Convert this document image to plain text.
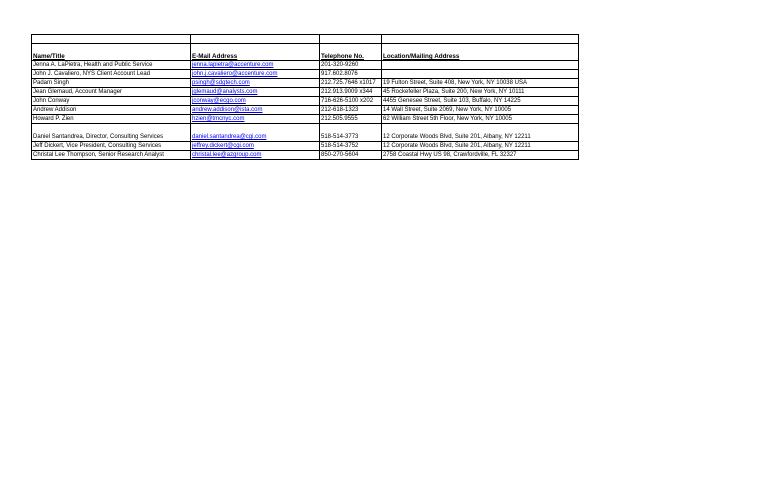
Name/Title	E-Mail Address	Telephone No.	Location/Mailing Address
Jenna A. LaPietra, Health and Public Service	jenna.lapietra@accenture.com	201-320-9260	
John J. Cavaliero, NYS Client Account Lead	john.j.cavaliero@accenture.com	917.602.8076	
Padam Singh	psingh@sdgtech.com	212.725.7646 x1017	19 Fulton Street, Suite 408, New York, NY 10038 USA
Jean Glemaud, Account Manager	jglemaud@analysts.com	212.913.9009 x344	45 Rockefeller Plaza, Suite 200, New York, NY 10111
John Conway	jconway@ecgo.com	716-626-5100 x202	4455 Genesee Street, Suite 103, Buffalo, NY 14225
Andrew Addison	andrew.addison@ista.com	212-618-1323	14 Wall Street, Suite 2069, New York, NY 10005
Howard P. Zien	hzien@tmcnyc.com	212.505.9555	62 William Street 5th Floor, New York, NY 10005
Daniel Santandrea, Director, Consulting Services	daniel.santandrea@cgi.com	518-514-3773	12 Corporate Woods Blvd, Suite 201, Albany, NY 12211
Jeff Dickert, Vice President, Consulting Services	jeffrey.dickert@cgi.com	518-514-3752	12 Corporate Woods Blvd, Suite 201, Albany, NY 12211
Christal Lee Thompson, Senior Research Analyst	christal.lee@azgroup.com	850-270-5604	2758 Coastal Hwy US 98, Crawfordville, FL 32327
